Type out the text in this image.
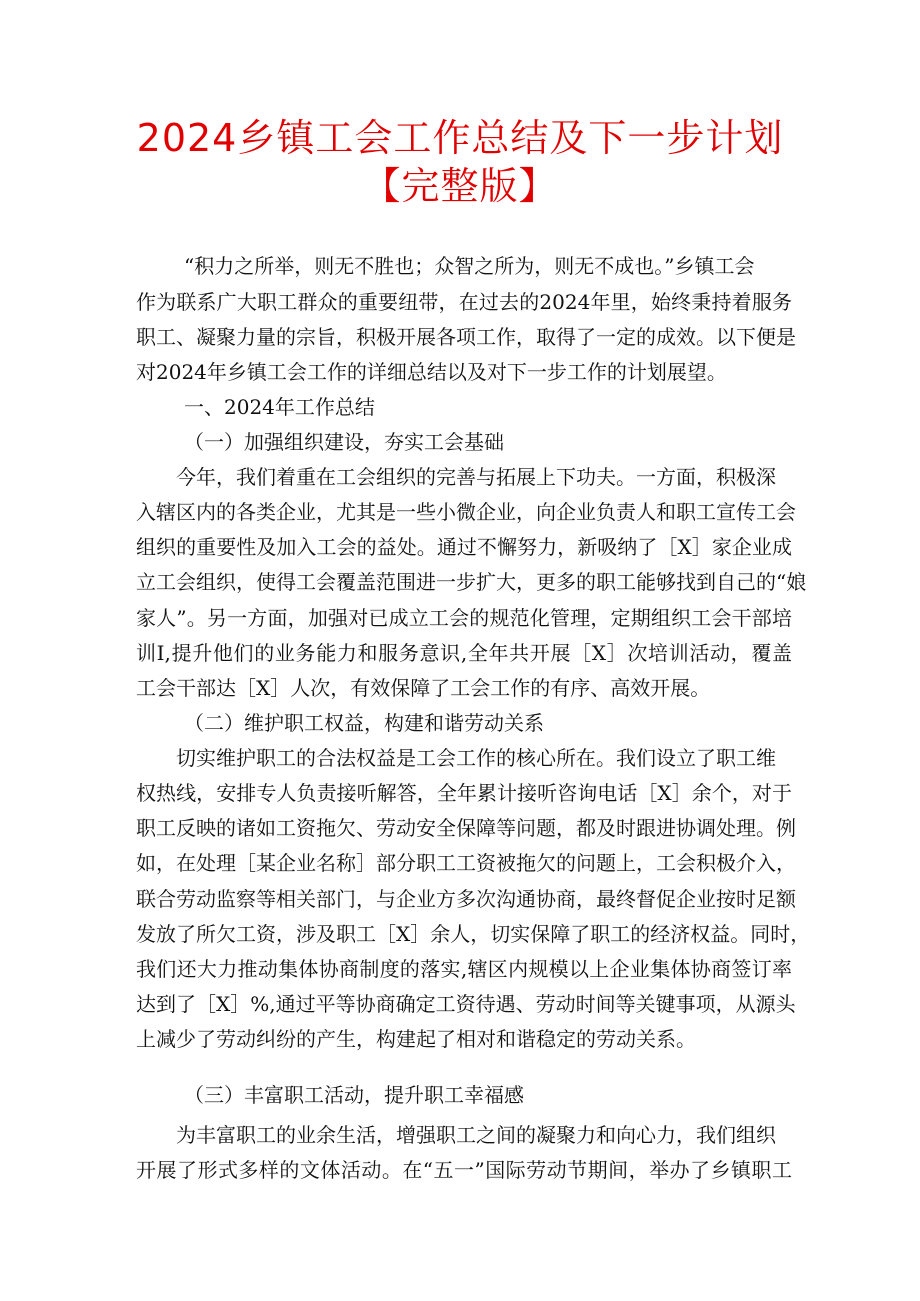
2024乡镇工会工作总结及下一步计划
【完整版】
“积力之所举，则无不胜也；众智之所为，则无不成也。”乡镇工会
作为联系广大职工群众的重要纽带，在过去的2024年里，始终秉持着服务
职工、凝聚力量的宗旨，积极开展各项工作，取得了一定的成效。以下便是
对2024年乡镇工会工作的详细总结以及对下一步工作的计划展望。
一、2024年工作总结
（一）加强组织建设，夯实工会基础
今年，我们着重在工会组织的完善与拓展上下功夫。一方面，积极深
入辖区内的各类企业，尤其是一些小微企业，向企业负责人和职工宣传工会
组织的重要性及加入工会的益处。通过不懈努力，新吸纳了［X］家企业成
立工会组织，使得工会覆盖范围进一步扩大，更多的职工能够找到自己的“娘
家人”。另一方面，加强对已成立工会的规范化管理，定期组织工会干部培
训I,提升他们的业务能力和服务意识,全年共开展［X］次培训活动，覆盖
工会干部达［X］人次，有效保障了工会工作的有序、高效开展。
（二）维护职工权益，构建和谐劳动关系
切实维护职工的合法权益是工会工作的核心所在。我们设立了职工维
权热线，安排专人负责接听解答，全年累计接听咨询电话［X］余个，对于
职工反映的诸如工资拖欠、劳动安全保障等问题，都及时跟进协调处理。例
如，在处理［某企业名称］部分职工工资被拖欠的问题上，工会积极介入，
联合劳动监察等相关部门，与企业方多次沟通协商，最终督促企业按时足额
发放了所欠工资，涉及职工［X］余人，切实保障了职工的经济权益。同时，
我们还大力推动集体协商制度的落实,辖区内规模以上企业集体协商签订率
达到了［X］%,通过平等协商确定工资待遇、劳动时间等关键事项，从源头
上减少了劳动纠纷的产生，构建起了相对和谐稳定的劳动关系。
（三）丰富职工活动，提升职工幸福感
为丰富职工的业余生活，增强职工之间的凝聚力和向心力，我们组织
开展了形式多样的文体活动。在“五一”国际劳动节期间，举办了乡镇职工
